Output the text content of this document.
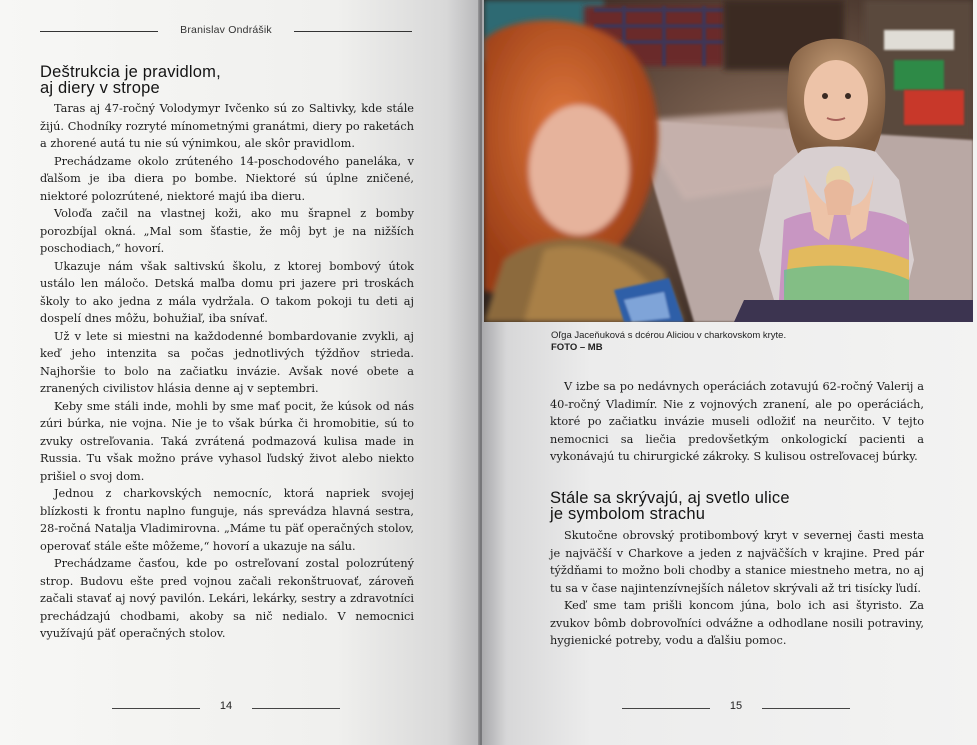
Branislav Ondrášik
Deštrukcia je pravidlom,
aj diery v strope

Taras aj 47-ročný Volodymyr Ivčenko sú zo Saltivky, kde stále žijú. Chodníky rozryté mínometnými granátmi, diery po raketách a zhorené autá tu nie sú výnimkou, ale skôr pravidlom.

Prechádzame okolo zrúteného 14-poschodového paneláka, v ďalšom je iba diera po bombe. Niektoré sú úplne zničené, niektoré polozrútené, niektoré majú iba dieru.

Voloďa začil na vlastnej koži, ako mu šrapnel z bomby porozbíjal okná. „Mal som šťastie, že môj byt je na nižších poschodiach,“ hovorí.

Ukazuje nám však saltivskú školu, z ktorej bombový útok ustálo len máločo. Detská maľba domu pri jazere pri troskách školy to ako jedna z mála vydržala. O takom pokoji tu deti aj dospelí dnes môžu, bohužiaľ, iba snívať.

Už v lete si miestni na každodenné bombardovanie zvykli, aj keď jeho intenzita sa počas jednotlivých týždňov strieda. Najhoršie to bolo na začiatku invázie. Avšak nové obete a zranených civilistov hlásia denne aj v septembri.

Keby sme stáli inde, mohli by sme mať pocit, že kúsok od nás zúri búrka, nie vojna. Nie je to však búrka či hromobitie, sú to zvuky ostreľovania. Taká zvrátená podmazová kulisa made in Russia. Tu však možno práve vyhasol ľudský život alebo niekto prišiel o svoj dom.

Jednou z charkovských nemocníc, ktorá napriek svojej blízkosti k frontu naplno funguje, nás sprevádza hlavná sestra, 28-ročná Natalja Vladimirovna. „Máme tu päť operačných stolov, operovať stále ešte môžeme,“ hovorí a ukazuje na sálu.

Prechádzame časťou, kde po ostreľovaní zostal polozrútený strop. Budovu ešte pred vojnou začali rekonštruovať, zároveň začali stavať aj nový pavilón. Lekári, lekárky, sestry a zdravotníci prechádzajú chodbami, akoby sa nič nedialo. V nemocnici využívajú päť operačných stolov.

14
Oľga Jaceňuková s dcérou Aliciou v charkovskom kryte.
FOTO – MB

V izbe sa po nedávnych operáciách zotavujú 62-ročný Valerij a 40-ročný Vladimír. Nie z vojnových zranení, ale po operáciách, ktoré po začiatku invázie museli odložiť na neurčito. V tejto nemocnici sa liečia predovšetkým onkologickí pacienti a vykonávajú tu chirurgické zákroky. S kulisou ostreľovacej búrky.

Stále sa skrývajú, aj svetlo ulice
je symbolom strachu

Skutočne obrovský protibombový kryt v severnej časti mesta je najväčší v Charkove a jeden z najväčších v krajine. Pred pár týždňami to možno boli chodby a stanice miestneho metra, no aj tu sa v čase najintenzívnejších náletov skrývali až tri tisícky ľudí.

Keď sme tam prišli koncom júna, bolo ich asi štyristo. Za zvukov bômb dobrovoľníci odvážne a odhodlane nosili potraviny, hygienické potreby, vodu a ďalšiu pomoc.

15
